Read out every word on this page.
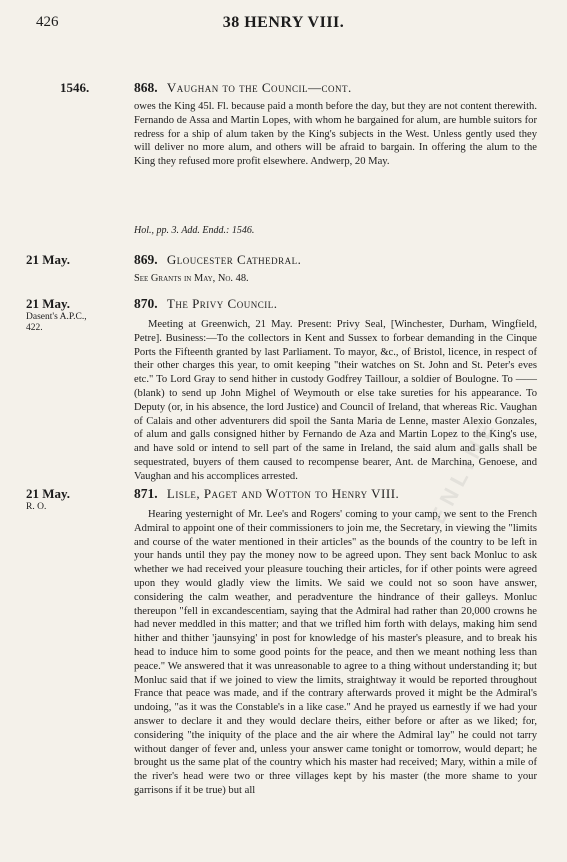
426	38 HENRY VIII.
1546.	868. Vaughan to the Council—cont.
owes the King 45l. Fl. because paid a month before the day, but they are not content therewith. Fernando de Assa and Martin Lopes, with whom he bargained for alum, are humble suitors for redress for a ship of alum taken by the King's subjects in the West. Unless gently used they will deliver no more alum, and others will be afraid to bargain. In offering the alum to the King they refused more profit elsewhere. Andwerp, 20 May.
Hol., pp. 3. Add. Endd.: 1546.
21 May.	869. Gloucester Cathedral.
See Grants in May, No. 48.
21 May.
Dasent's A.P.C., 422.
870. The Privy Council.
Meeting at Greenwich, 21 May. Present: Privy Seal, [Winchester, Durham, Wingfield, Petre]. Business:—To the collectors in Kent and Sussex to forbear demanding in the Cinque Ports the Fifteenth granted by last Parliament. To mayor, &c., of Bristol, licence, in respect of their other charges this year, to omit keeping "their watches on St. John and St. Peter's eves etc." To Lord Gray to send hither in custody Godfrey Taillour, a soldier of Boulogne. To —— (blank) to send up John Mighel of Weymouth or else take sureties for his appearance. To Deputy (or, in his absence, the lord Justice) and Council of Ireland, that whereas Ric. Vaughan of Calais and other adventurers did spoil the Santa Maria de Lenne, master Alexio Gonzales, of alum and galls consigned hither by Fernando de Aza and Martin Lopez to the King's use, and have sold or intend to sell part of the same in Ireland, the said alum and galls shall be sequestrated, buyers of them caused to recompense bearer, Ant. de Marchina, Genoese, and Vaughan and his accomplices arrested.
21 May.
R. O.
871. Lisle, Paget and Wotton to Henry VIII.
Hearing yesternight of Mr. Lee's and Rogers' coming to your camp, we sent to the French Admiral to appoint one of their commissioners to join me, the Secretary, in viewing the "limits and course of the water mentioned in their articles" as the bounds of the country to be left in your hands until they pay the money now to be agreed upon. They sent back Monluc to ask whether we had received your pleasure touching their articles, for if other points were agreed upon they would gladly view the limits. We said we could not so soon have answer, considering the calm weather, and peradventure the hindrance of their galleys. Monluc thereupon "fell in excandescentiam, saying that the Admiral had rather than 20,000 crowns he had never meddled in this matter; and that we trifled him forth with delays, making him send hither and thither 'jaunsying' in post for knowledge of his master's pleasure, and to break his head to induce him to some good points for the peace, and then we meant nothing less than peace." We answered that it was unreasonable to agree to a thing without understanding it; but Monluc said that if we joined to view the limits, straightway it would be reported throughout France that peace was made, and if the contrary afterwards proved it might be the Admiral's undoing, "as it was the Constable's in a like case." And he prayed us earnestly if we had your answer to declare it and they would declare theirs, either before or after as we liked; for, considering "the iniquity of the place and the air where the Admiral lay" he could not tarry without danger of fever and, unless your answer came tonight or tomorrow, would depart; he brought us the same plat of the country which his master had received; Mary, within a mile of the river's head were two or three villages kept by his master (the more shame to your garrisons if it be true) but all
ENLINE
